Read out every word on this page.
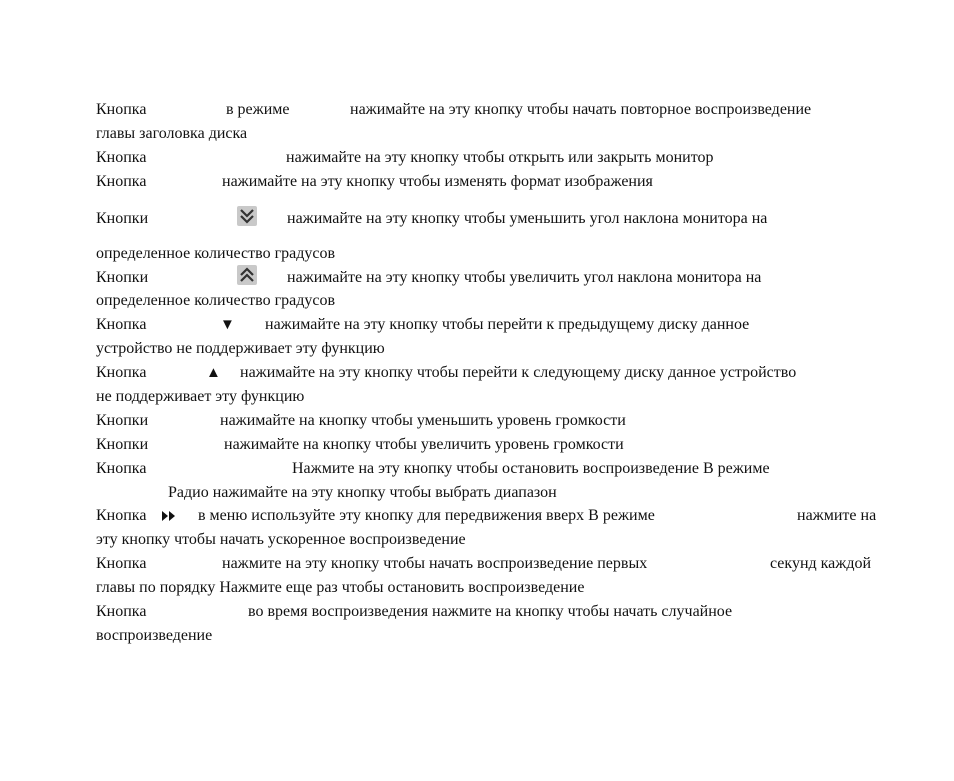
Кнопка	в режиме	нажимайте на эту кнопку чтобы начать повторное воспроизведение
главы заголовка диска
Кнопка	нажимайте на эту кнопку чтобы открыть или закрыть монитор
Кнопка	нажимайте на эту кнопку чтобы изменять формат изображения
Кнопки	нажимайте на эту кнопку чтобы уменьшить угол наклона монитора на
определенное количество градусов
Кнопки	нажимайте на эту кнопку чтобы увеличить угол наклона монитора на
определенное количество градусов
Кнопка	▼ нажимайте на эту кнопку чтобы перейти к предыдущему диску данное
устройство не поддерживает эту функцию
Кнопка	▲ нажимайте на эту кнопку чтобы перейти к следующему диску данное устройство
не поддерживает эту функцию
Кнопки	нажимайте на кнопку чтобы уменьшить уровень громкости
Кнопки	нажимайте на кнопку чтобы увеличить уровень громкости
Кнопка	Нажмите на эту кнопку чтобы остановить воспроизведение В режиме
Радио нажимайте на эту кнопку чтобы выбрать диапазон
Кнопка	в меню используйте эту кнопку для передвижения вверх В режиме	нажмите на
эту кнопку чтобы начать ускоренное воспроизведение
Кнопка	нажмите на эту кнопку чтобы начать воспроизведение первых	секунд каждой
главы по порядку Нажмите еще раз чтобы остановить воспроизведение
Кнопка	во время воспроизведения нажмите на кнопку чтобы начать случайное
воспроизведение
